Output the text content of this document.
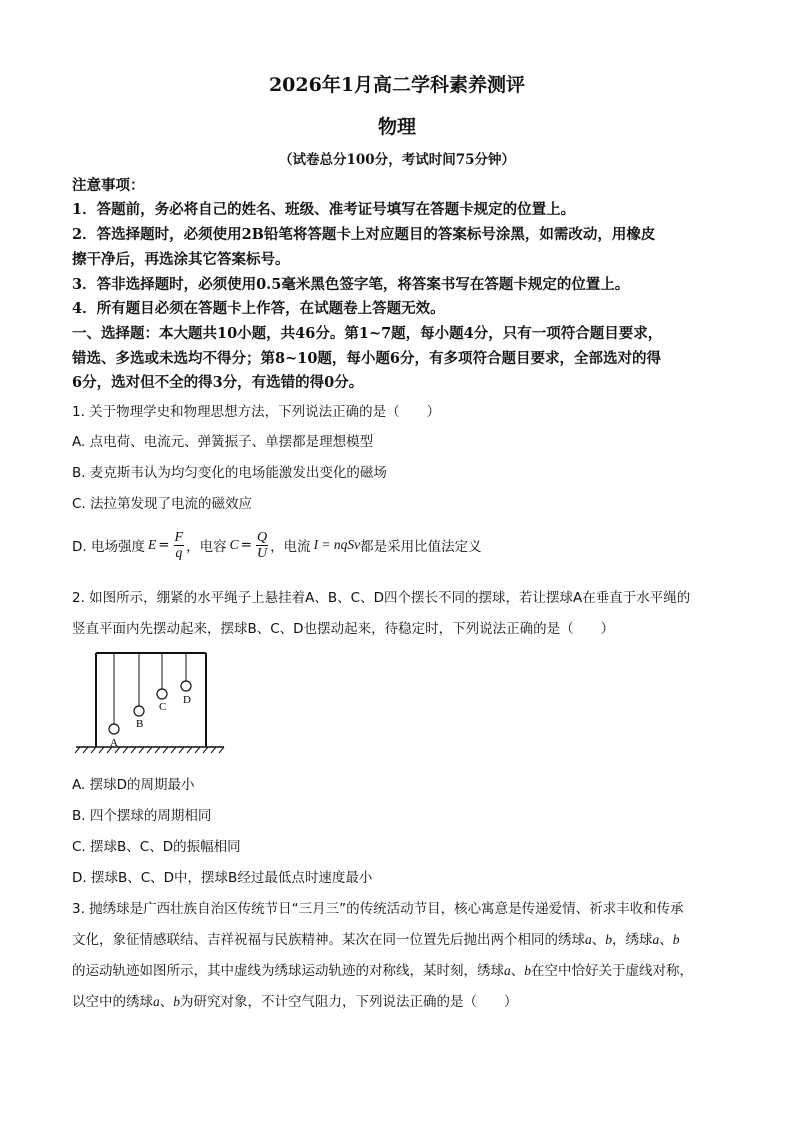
2026年1月高二学科素养测评
物理
（试卷总分100分，考试时间75分钟）
注意事项：
1．答题前，务必将自己的姓名、班级、准考证号填写在答题卡规定的位置上。
2．答选择题时，必须使用2B铅笔将答题卡上对应题目的答案标号涂黑，如需改动，用橡皮
擦干净后，再选涂其它答案标号。
3．答非选择题时，必须使用0.5毫米黑色签字笔，将答案书写在答题卡规定的位置上。
4．所有题目必须在答题卡上作答，在试题卷上答题无效。
一、选择题：本大题共10小题，共46分。第1~7题，每小题4分，只有一项符合题目要求，
错选、多选或未选均不得分；第8~10题，每小题6分，有多项符合题目要求，全部选对的得
6分，选对但不全的得3分，有选错的得0分。
1. 关于物理学史和物理思想方法，下列说法正确的是（　　）
A. 点电荷、电流元、弹簧振子、单摆都是理想模型
B. 麦克斯韦认为均匀变化的电场能激发出变化的磁场
C. 法拉第发现了电流的磁效应
D. 电场强度 $E = \frac{F}{q}$ ，电容 $C = \frac{Q}{U}$ ，电流 I = nqSv 都是采用比值法定义
2. 如图所示，绷紧的水平绳子上悬挂着A、B、C、D四个摆长不同的摆球，若让摆球A在垂直于水平绳的
竖直平面内先摆动起来，摆球B、C、D也摆动起来，待稳定时，下列说法正确的是（　　）
A
B
C
D
A. 摆球D的周期最小
B. 四个摆球的周期相同
C. 摆球B、C、D的振幅相同
D. 摆球B、C、D中，摆球B经过最低点时速度最小
3. 抛绣球是广西壮族自治区传统节日“三月三”的传统活动节目，核心寓意是传递爱情、祈求丰收和传承
文化，象征情感联结、吉祥祝福与民族精神。某次在同一位置先后抛出两个相同的绣球a、b，绣球a、b
的运动轨迹如图所示，其中虚线为绣球运动轨迹的对称线，某时刻，绣球a、b在空中恰好关于虚线对称，
以空中的绣球a、b为研究对象，不计空气阻力，下列说法正确的是（　　）
